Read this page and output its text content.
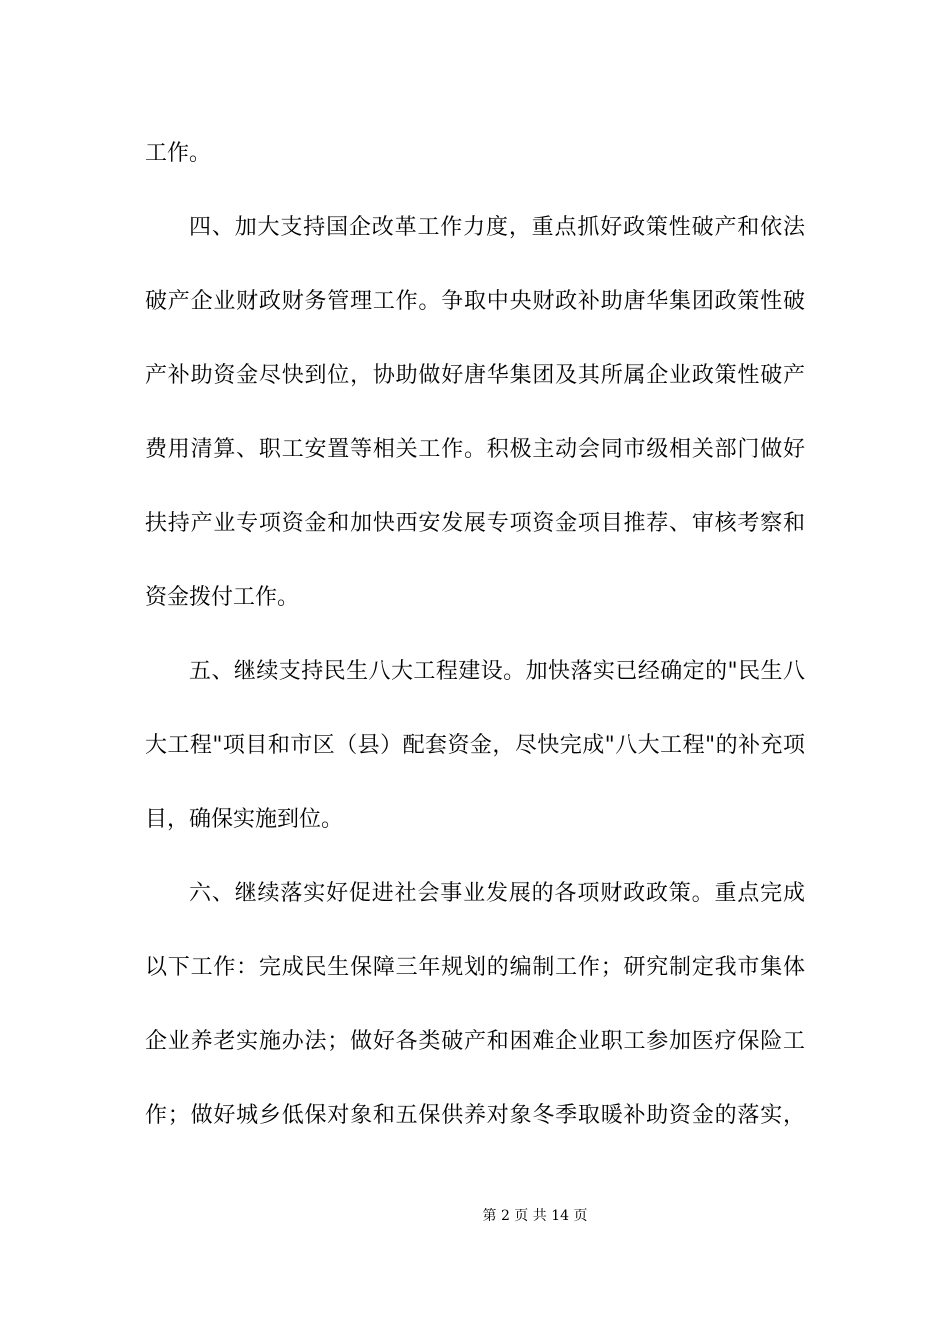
工作。
四、加大支持国企改革工作力度，重点抓好政策性破产和依法
破产企业财政财务管理工作。争取中央财政补助唐华集团政策性破
产补助资金尽快到位，协助做好唐华集团及其所属企业政策性破产
费用清算、职工安置等相关工作。积极主动会同市级相关部门做好
扶持产业专项资金和加快西安发展专项资金项目推荐、审核考察和
资金拨付工作。
五、继续支持民生八大工程建设。加快落实已经确定的"民生八
大工程"项目和市区（县）配套资金，尽快完成"八大工程"的补充项
目，确保实施到位。
六、继续落实好促进社会事业发展的各项财政政策。重点完成
以下工作：完成民生保障三年规划的编制工作；研究制定我市集体
企业养老实施办法；做好各类破产和困难企业职工参加医疗保险工
作；做好城乡低保对象和五保供养对象冬季取暖补助资金的落实，
第 2 页 共 14 页
